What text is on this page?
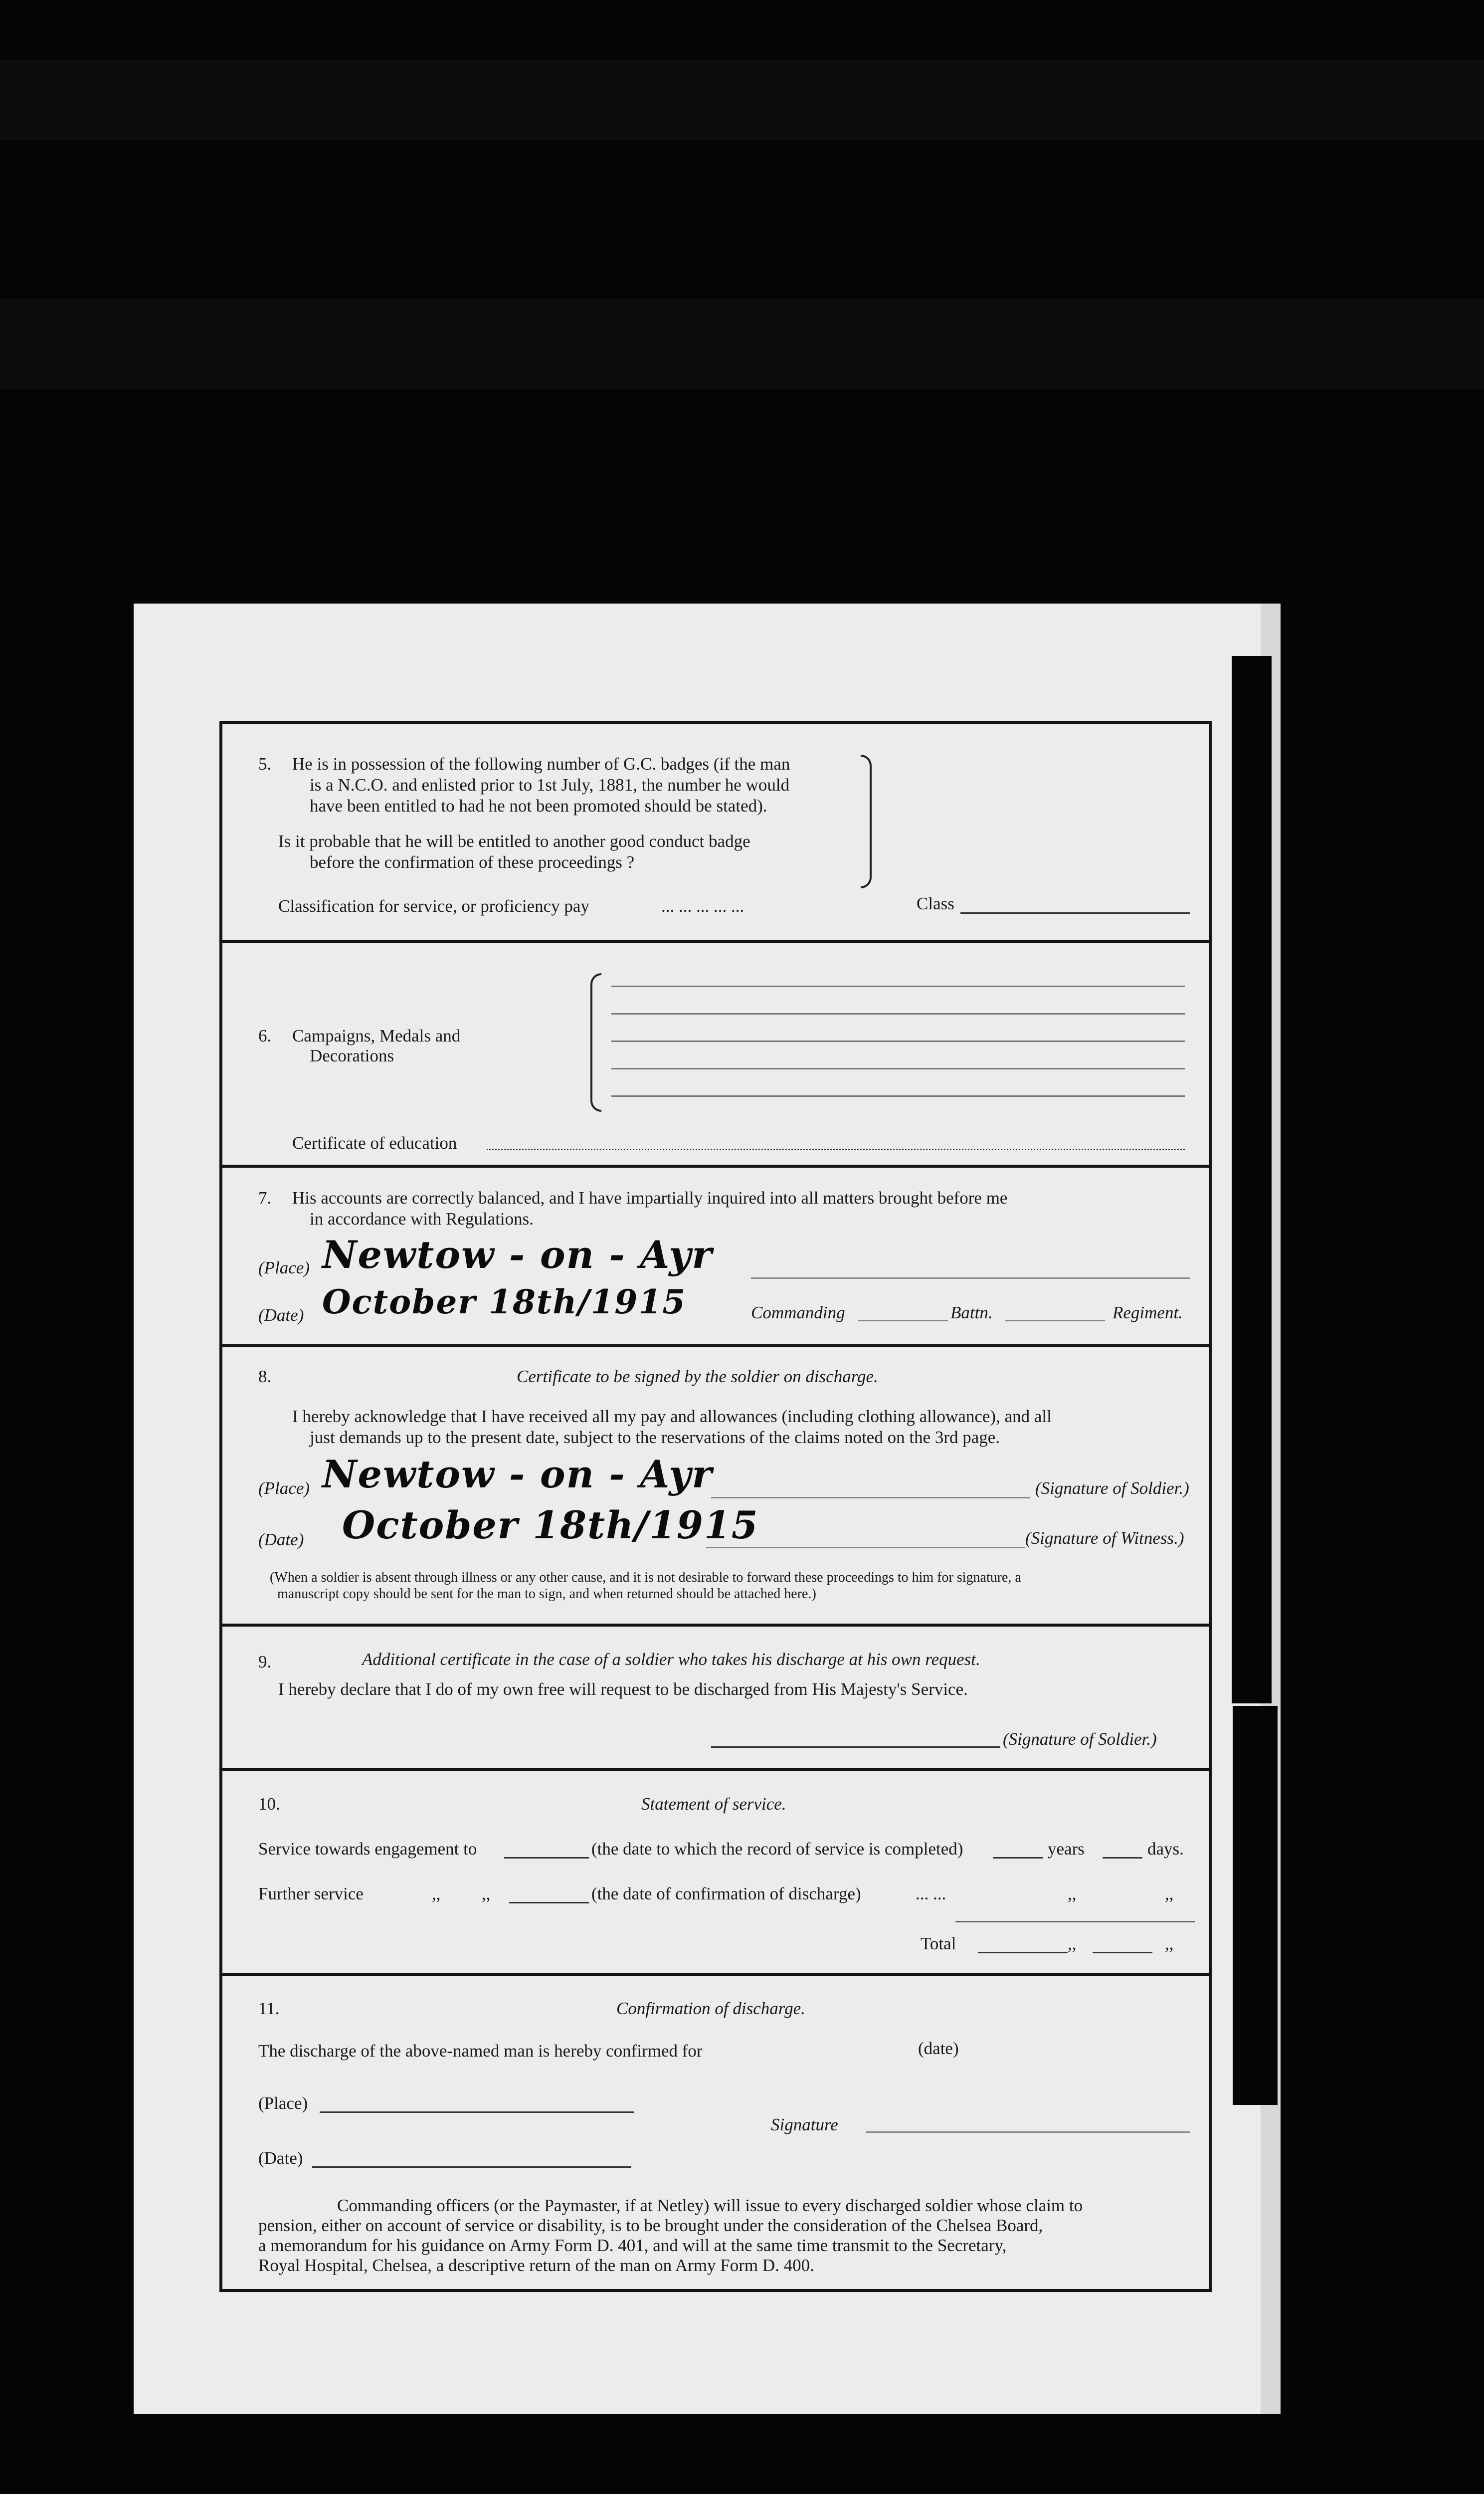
5. He is in possession of the following number of G.C. badges (if the man
is a N.C.O. and enlisted prior to 1st July, 1881, the number he would
have been entitled to had he not been promoted should be stated).
Is it probable that he will be entitled to another good conduct badge
before the confirmation of these proceedings ?
Classification for service, or proficiency pay	... ... ... ... ...	Class
6. Campaigns, Medals and
Decorations
Certificate of education
7. His accounts are correctly balanced, and I have impartially inquired into all matters brought before me
in accordance with Regulations.
(Place) Newtow - on - Ayr
(Date) October 18th/1915	Commanding	Battn.	Regiment.
8.	Certificate to be signed by the soldier on discharge.
I hereby acknowledge that I have received all my pay and allowances (including clothing allowance), and all
just demands up to the present date, subject to the reservations of the claims noted on the 3rd page.
(Place) Newtow - on - Ayr	(Signature of Soldier.)
(Date) October 18th/1915	(Signature of Witness.)
(When a soldier is absent through illness or any other cause, and it is not desirable to forward these proceedings to him for signature, a
manuscript copy should be sent for the man to sign, and when returned should be attached here.)
9.	Additional certificate in the case of a soldier who takes his discharge at his own request.
I hereby declare that I do of my own free will request to be discharged from His Majesty's Service.
(Signature of Soldier.)
10.	Statement of service.
Service towards engagement to	(the date to which the record of service is completed)	years	days.
Further service	,, ,,	(the date of confirmation of discharge)	... ...	,,	,,
Total	,,	,,
11.	Confirmation of discharge.
The discharge of the above-named man is hereby confirmed for	(date)
(Place)
Signature
(Date)
Commanding officers (or the Paymaster, if at Netley) will issue to every discharged soldier whose claim to
pension, either on account of service or disability, is to be brought under the consideration of the Chelsea Board,
a memorandum for his guidance on Army Form D. 401, and will at the same time transmit to the Secretary,
Royal Hospital, Chelsea, a descriptive return of the man on Army Form D. 400.
